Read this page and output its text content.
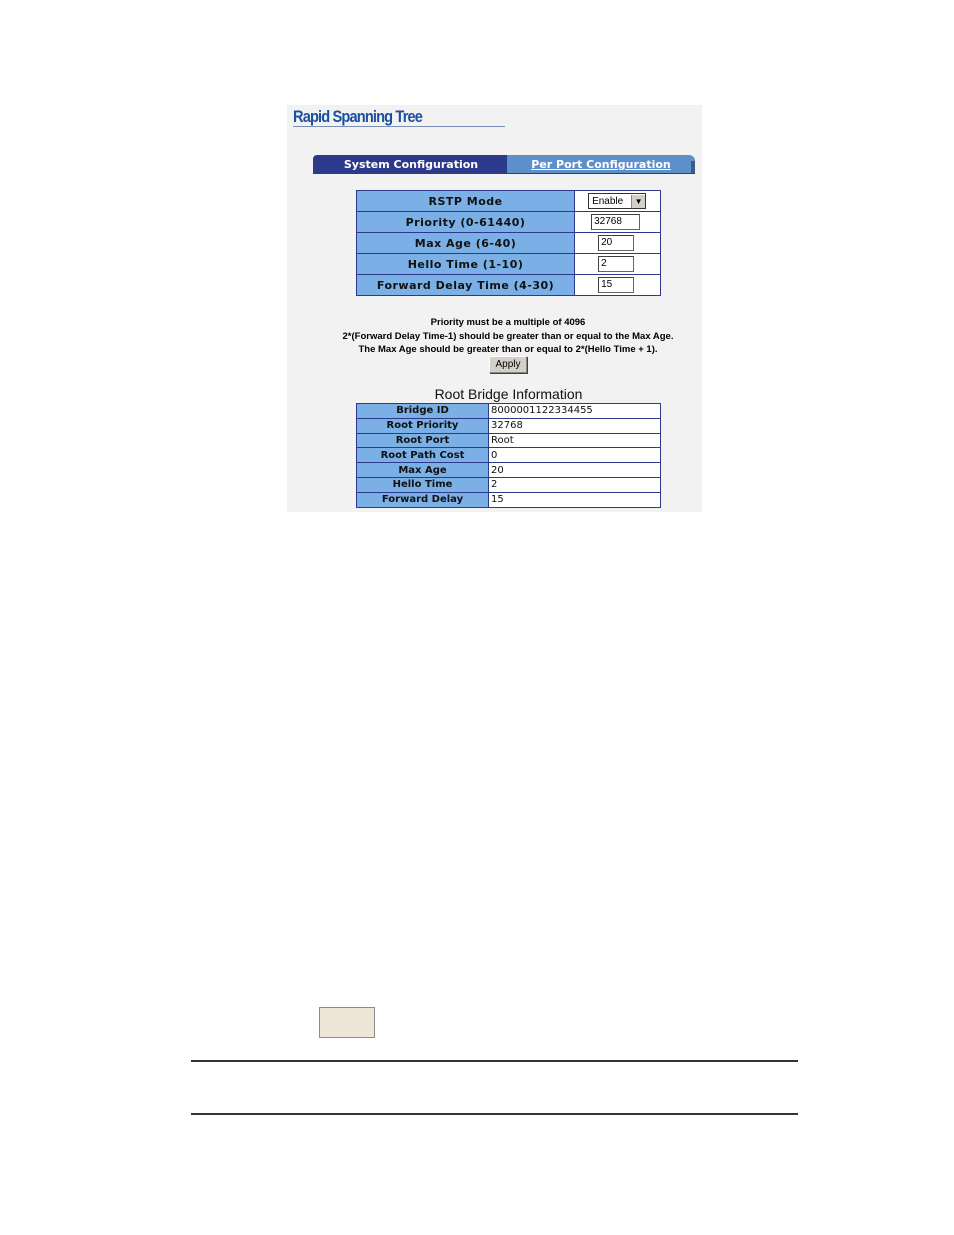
Rapid Spanning Tree
System Configuration	Per Port Configuration
RSTP Mode	Enable ▼

Priority (0-61440)	32768

Max Age (6-40)	20

Hello Time (1-10)	2

Forward Delay Time (4-30)	15
Priority must be a multiple of 4096
2*(Forward Delay Time-1) should be greater than or equal to the Max Age.
The Max Age should be greater than or equal to 2*(Hello Time + 1).
Apply
Root Bridge Information
Bridge ID	8000001122334455
Root Priority	32768
Root Port	Root
Root Path Cost	0
Max Age	20
Hello Time	2
Forward Delay	15
